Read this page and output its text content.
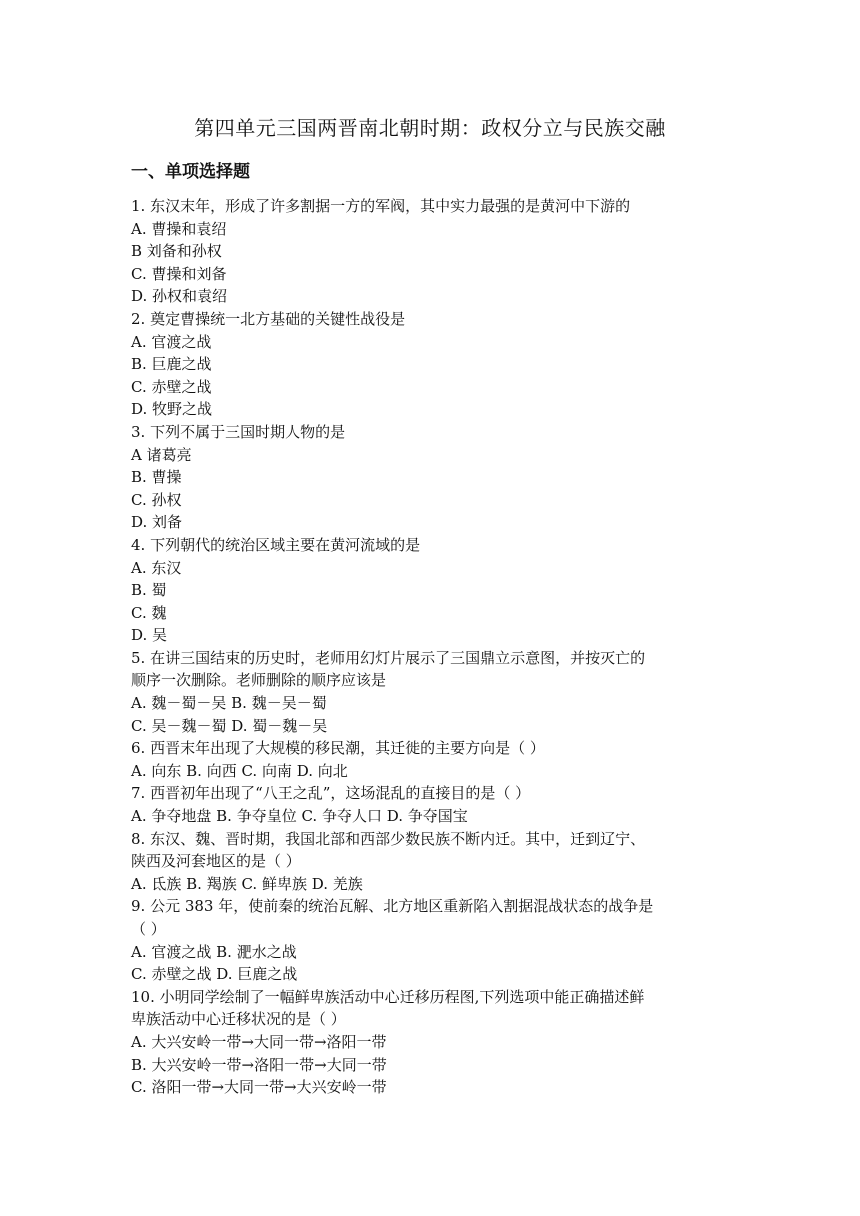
第四单元三国两晋南北朝时期：政权分立与民族交融
一、单项选择题
1. 东汉末年，形成了许多割据一方的军阀，其中实力最强的是黄河中下游的
A. 曹操和袁绍
B 刘备和孙权
C. 曹操和刘备
D. 孙权和袁绍
2. 奠定曹操统一北方基础的关键性战役是
A. 官渡之战
B. 巨鹿之战
C. 赤壁之战
D. 牧野之战
3. 下列不属于三国时期人物的是
A 诸葛亮
B. 曹操
C. 孙权
D. 刘备
4. 下列朝代的统治区域主要在黄河流域的是
A. 东汉
B. 蜀
C. 魏
D. 吴
5. 在讲三国结束的历史时，老师用幻灯片展示了三国鼎立示意图，并按灭亡的
顺序一次删除。老师删除的顺序应该是
A. 魏－蜀－吴 B. 魏－吴－蜀
C. 吴－魏－蜀 D. 蜀－魏－吴
6. 西晋末年出现了大规模的移民潮，其迁徙的主要方向是（ ）
A. 向东 B. 向西 C. 向南 D. 向北
7. 西晋初年出现了“八王之乱”，这场混乱的直接目的是（ ）
A. 争夺地盘 B. 争夺皇位 C. 争夺人口 D. 争夺国宝
8. 东汉、魏、晋时期，我国北部和西部少数民族不断内迁。其中，迁到辽宁、
陕西及河套地区的是（ ）
A. 氐族 B. 羯族 C. 鲜卑族 D. 羌族
9. 公元 383 年，使前秦的统治瓦解、北方地区重新陷入割据混战状态的战争是
（ ）
A. 官渡之战 B. 淝水之战
C. 赤壁之战 D. 巨鹿之战
10. 小明同学绘制了一幅鲜卑族活动中心迁移历程图,下列选项中能正确描述鲜
卑族活动中心迁移状况的是（ ）
A. 大兴安岭一带→大同一带→洛阳一带
B. 大兴安岭一带→洛阳一带→大同一带
C. 洛阳一带→大同一带→大兴安岭一带
